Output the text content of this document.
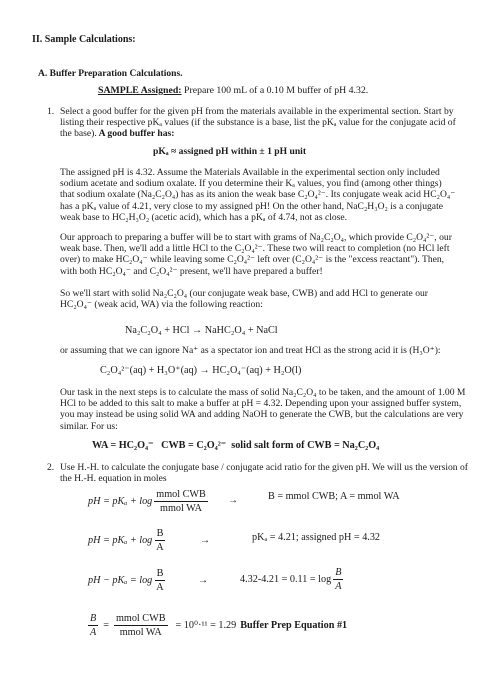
II. Sample Calculations:
A. Buffer Preparation Calculations.
SAMPLE Assigned: Prepare 100 mL of a 0.10 M buffer of pH 4.32.
1. Select a good buffer for the given pH from the materials available in the experimental section. Start by listing their respective pKₐ values (if the substance is a base, list the pKₐ value for the conjugate acid of the base). A good buffer has:
pKₐ ≈ assigned pH within ± 1 pH unit

The assigned pH is 4.32. Assume the Materials Available in the experimental section only included sodium acetate and sodium oxalate. If you determine their Kₐ values, you find (among other things) that sodium oxalate (Na₂C₂O₄) has as its anion the weak base C₂O₄²⁻. Its conjugate weak acid HC₂O₄⁻ has a pKₐ value of 4.21, very close to my assigned pH! On the other hand, NaC₂H₃O₂ is a conjugate weak base to HC₂H₃O₂ (acetic acid), which has a pKₐ of 4.74, not as close.

Our approach to preparing a buffer will be to start with grams of Na₂C₂O₄, which provide C₂O₄²⁻, our weak base. Then, we'll add a little HCl to the C₂O₄²⁻. These two will react to completion (no HCl left over) to make HC₂O₄⁻ while leaving some C₂O₄²⁻ left over (C₂O₄²⁻ is the "excess reactant"). Then, with both HC₂O₄⁻ and C₂O₄²⁻ present, we'll have prepared a buffer!

So we'll start with solid Na₂C₂O₄ (our conjugate weak base, CWB) and add HCl to generate our HC₂O₄⁻ (weak acid, WA) via the following reaction:

Na₂C₂O₄ + HCl → NaHC₂O₄ + NaCl

or assuming that we can ignore Na⁺ as a spectator ion and treat HCl as the strong acid it is (H₃O⁺):

C₂O₄²⁻(aq) + H₃O⁺(aq) → HC₂O₄⁻(aq) + H₂O(l)

Our task in the next steps is to calculate the mass of solid Na₂C₂O₄ to be taken, and the amount of 1.00 M HCl to be added to this salt to make a buffer at pH = 4.32. Depending upon your assigned buffer system, you may instead be using solid WA and adding NaOH to generate the CWB, but the calculations are very similar. For us:

WA = HC₂O₄⁻   CWB = C₂O₄²⁻  solid salt form of CWB = Na₂C₂O₄
2. Use H.-H. to calculate the conjugate base / conjugate acid ratio for the given pH. We will us the version of the H.-H. equation in moles

pH = $pK_a + \log \frac{\text{mmol CWB}}{\text{mmol WA}}$ →	B = mmol CWB; A = mmol WA
pH = $pK_a + \log \frac{B}{A}$	→	pKₐ = 4.21; assigned pH = 4.32
pH − $pK_a = \log \frac{B}{A}$	→	$4.32-4.21 = 0.11 = \log \frac{B}{A}$
$\frac{B}{A} = \frac{\text{mmol CWB}}{\text{mmol WA}} = 10^0\cdot^{11} = 1.29$ Buffer Prep Equation #1
